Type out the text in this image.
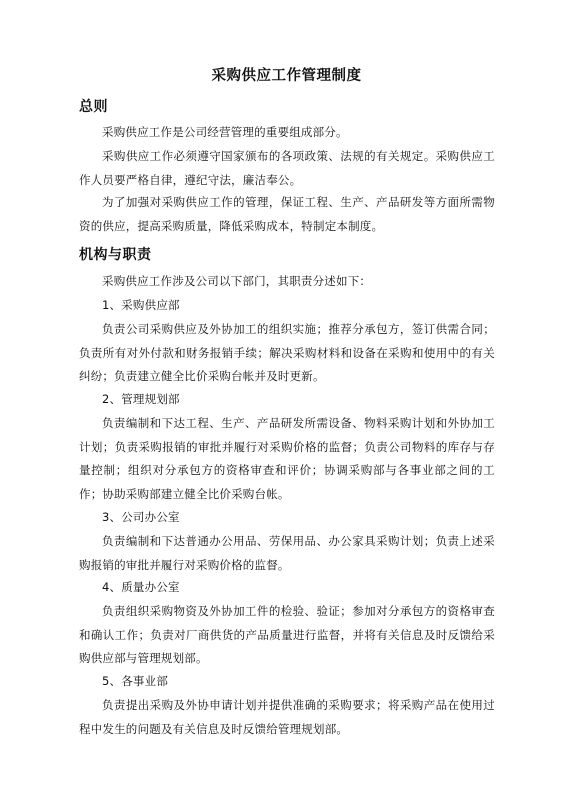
采购供应工作管理制度
总则

采购供应工作是公司经营管理的重要组成部分。

采购供应工作必须遵守国家颁布的各项政策、法规的有关规定。采购供应工作人员要严格自律，遵纪守法，廉洁奉公。

为了加强对采购供应工作的管理，保证工程、生产、产品研发等方面所需物资的供应，提高采购质量，降低采购成本，特制定本制度。

机构与职责

采购供应工作涉及公司以下部门，其职责分述如下：

1、采购供应部

负责公司采购供应及外协加工的组织实施；推荐分承包方，签订供需合同；负责所有对外付款和财务报销手续；解决采购材料和设备在采购和使用中的有关纠纷；负责建立健全比价采购台帐并及时更新。

2、管理规划部

负责编制和下达工程、生产、产品研发所需设备、物料采购计划和外协加工计划；负责采购报销的审批并履行对采购价格的监督；负责公司物料的库存与存量控制；组织对分承包方的资格审查和评价；协调采购部与各事业部之间的工作；协助采购部建立健全比价采购台帐。

3、公司办公室

负责编制和下达普通办公用品、劳保用品、办公家具采购计划；负责上述采购报销的审批并履行对采购价格的监督。

4、质量办公室

负责组织采购物资及外协加工件的检验、验证；参加对分承包方的资格审查和确认工作；负责对厂商供货的产品质量进行监督，并将有关信息及时反馈给采购供应部与管理规划部。

5、各事业部

负责提出采购及外协申请计划并提供准确的采购要求；将采购产品在使用过程中发生的问题及有关信息及时反馈给管理规划部。
